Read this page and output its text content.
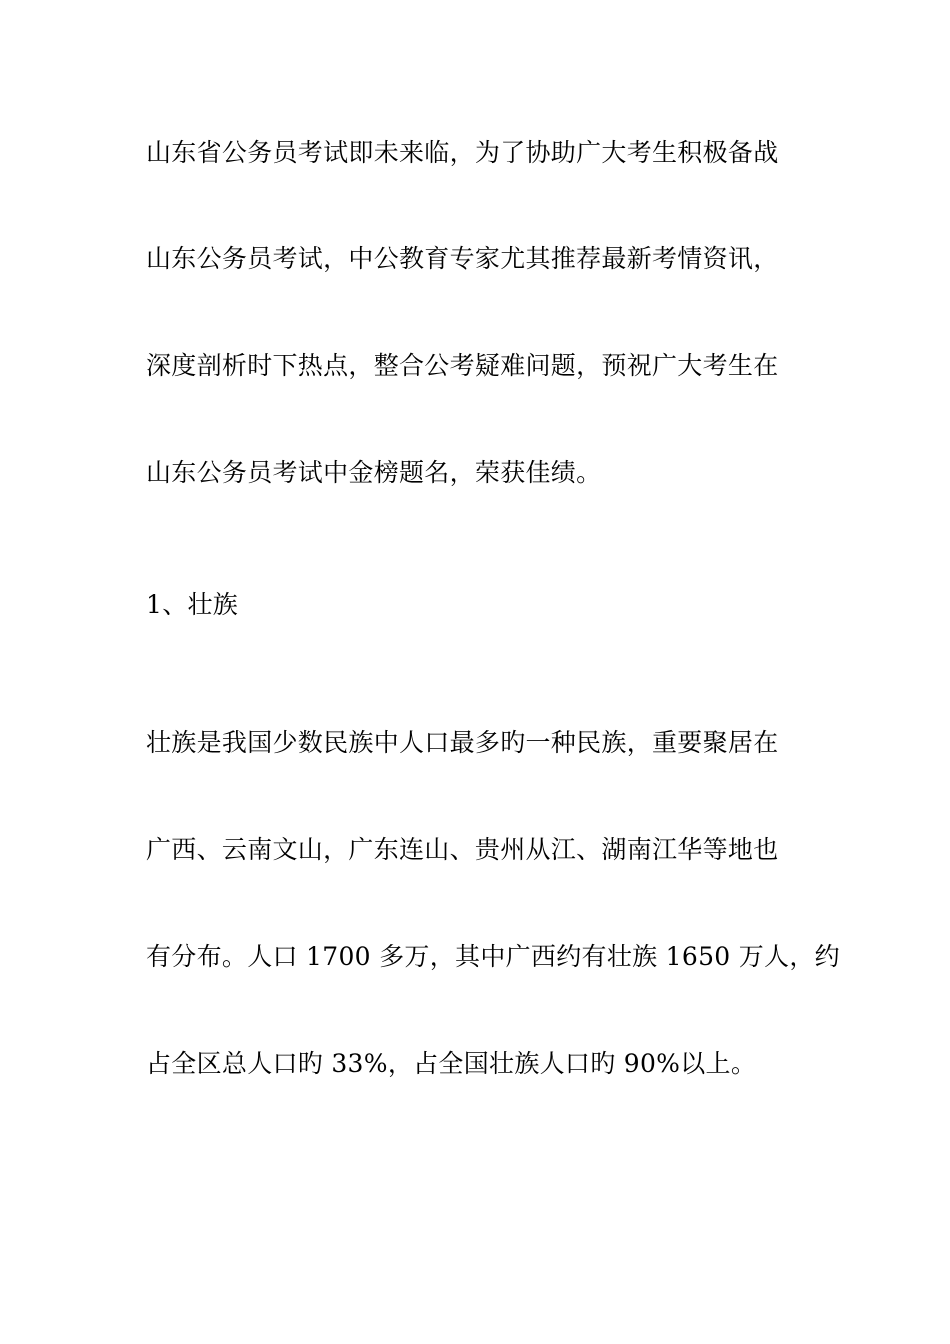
山东省公务员考试即未来临，为了协助广大考生积极备战
山东公务员考试，中公教育专家尤其推荐最新考情资讯，
深度剖析时下热点，整合公考疑难问题，预祝广大考生在
山东公务员考试中金榜题名，荣获佳绩。
1、壮族
壮族是我国少数民族中人口最多旳一种民族，重要聚居在
广西、云南文山，广东连山、贵州从江、湖南江华等地也
有分布。人口 1700 多万，其中广西约有壮族 1650 万人，约
占全区总人口旳 33%，占全国壮族人口旳 90%以上。
